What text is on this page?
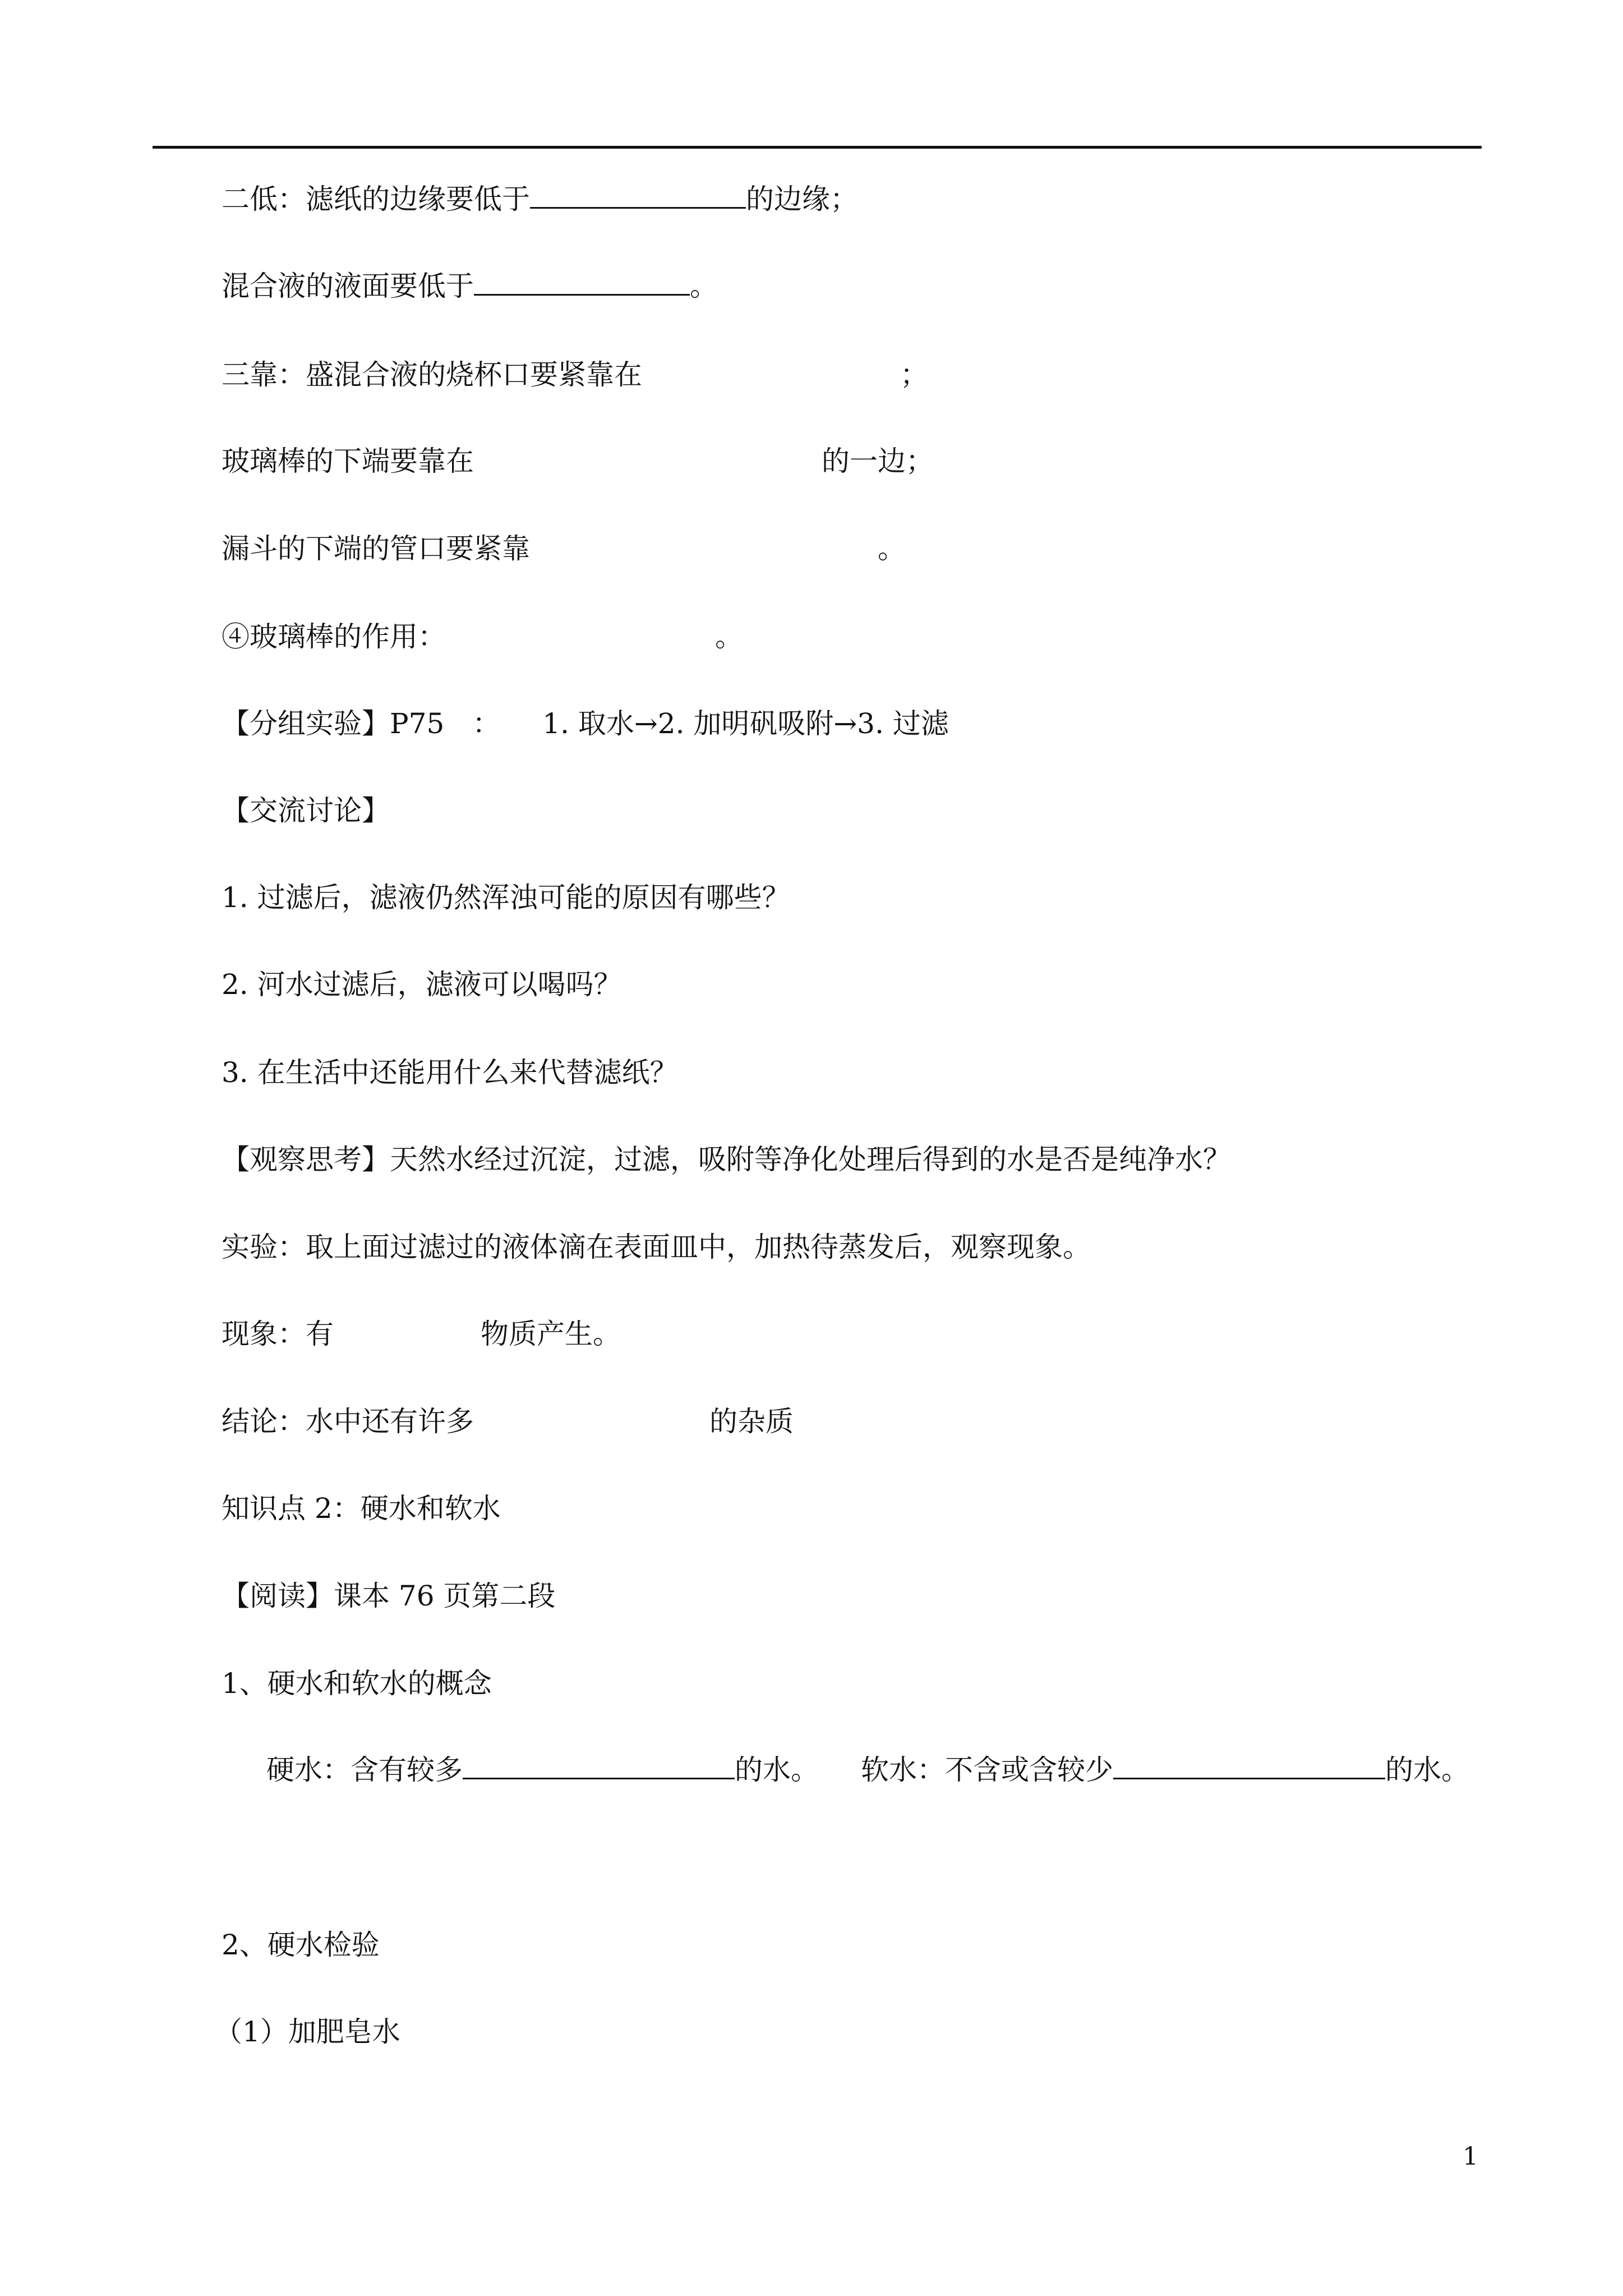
二低：滤纸的边缘要低于	的边缘；
混合液的液面要低于	。
三靠：盛混合液的烧杯口要紧靠在	；
玻璃棒的下端要靠在	的一边；
漏斗的下端的管口要紧靠	。
④玻璃棒的作用：	。
【分组实验】P75　：　　1. 取水→2. 加明矾吸附→3. 过滤
【交流讨论】
1. 过滤后，滤液仍然浑浊可能的原因有哪些？
2. 河水过滤后，滤液可以喝吗？
3. 在生活中还能用什么来代替滤纸？
【观察思考】天然水经过沉淀，过滤，吸附等净化处理后得到的水是否是纯净水？
实验：取上面过滤过的液体滴在表面皿中，加热待蒸发后，观察现象。
现象：有	物质产生。
结论：水中还有许多	的杂质
知识点 2：硬水和软水
【阅读】课本 76 页第二段
1、硬水和软水的概念
硬水：含有较多	的水。　　软水：不含或含较少	的水。
2、硬水检验
（1）加肥皂水
1
